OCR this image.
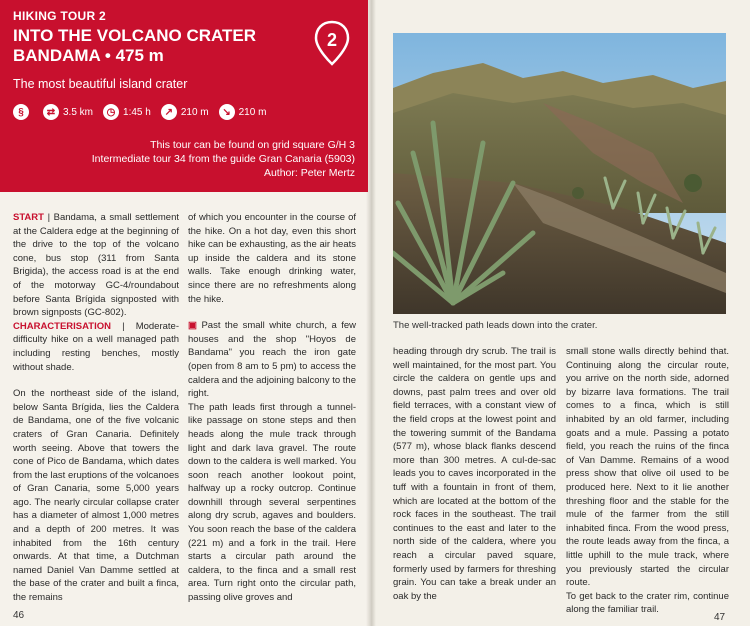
HIKING TOUR 2
INTO THE VOLCANO CRATER
BANDAMA • 475 m
The most beautiful island crater
2
§	⇄ 3.5 km	◷ 1:45 h	↗ 210 m	↘ 210 m
This tour can be found on grid square G/H 3
Intermediate tour 34 from the guide Gran Canaria (5903)
Author: Peter Mertz

START | Bandama, a small settlement at the Caldera edge at the beginning of the drive to the top of the volcano cone, bus stop (311 from Santa Brigida), the access road is at the end of the motorway GC-4/roundabout before Santa Brígida signposted with brown signposts (GC-802).

CHARACTERISATION | Moderate-difficulty hike on a well managed path including resting benches, mostly without shade.

On the northeast side of the island, below Santa Brígida, lies the Caldera de Bandama, one of the five volcanic craters of Gran Canaria. Definitely worth seeing. Above that towers the cone of Pico de Bandama, which dates from the last eruptions of the volcanoes of Gran Canaria, some 5,000 years ago. The nearly circular collapse crater has a diameter of almost 1,000 metres and a depth of 200 metres. It was inhabited from the 16th century onwards. At that time, a Dutchman named Daniel Van Damme settled at the base of the crater and built a finca, the remains

of which you encounter in the course of the hike. On a hot day, even this short hike can be exhausting, as the air heats up inside the caldera and its stone walls. Take enough drinking water, since there are no refreshments along the hike.

▣ Past the small white church, a few houses and the shop "Hoyos de Bandama" you reach the iron gate (open from 8 am to 5 pm) to access the caldera and the adjoining balcony to the right.

The path leads first through a tunnel-like passage on stone steps and then heads along the mule track through light and dark lava gravel. The route down to the caldera is well marked. You soon reach another lookout point, halfway up a rocky outcrop. Continue downhill through several serpentines along dry scrub, agaves and boulders. You soon reach the base of the caldera (221 m) and a fork in the trail. Here starts a circular path around the caldera, to the finca and a small rest area. Turn right onto the circular path, passing olive groves and

The well-tracked path leads down into the crater.

heading through dry scrub. The trail is well maintained, for the most part. You circle the caldera on gentle ups and downs, past palm trees and over old field terraces, with a constant view of the field crops at the lowest point and the towering summit of the Bandama (577 m), whose black flanks descend more than 300 metres. A cul-de-sac leads you to caves incorporated in the tuff with a fountain in front of them, which are located at the bottom of the rock faces in the southeast. The trail continues to the east and later to the north side of the caldera, where you reach a circular paved square, formerly used by farmers for threshing grain. You can take a break under an oak by the

small stone walls directly behind that. Continuing along the circular route, you arrive on the north side, adorned by bizarre lava formations. The trail comes to a finca, which is still inhabited by an old farmer, including goats and a mule. Passing a potato field, you reach the ruins of the finca of Van Damme. Remains of a wood press show that olive oil used to be produced here. Next to it lie another threshing floor and the stable for the mule of the farmer from the still inhabited finca. From the wood press, the route leads away from the finca, a little uphill to the mule track, where you previously started the circular route.

To get back to the crater rim, continue along the familiar trail.

46	47
